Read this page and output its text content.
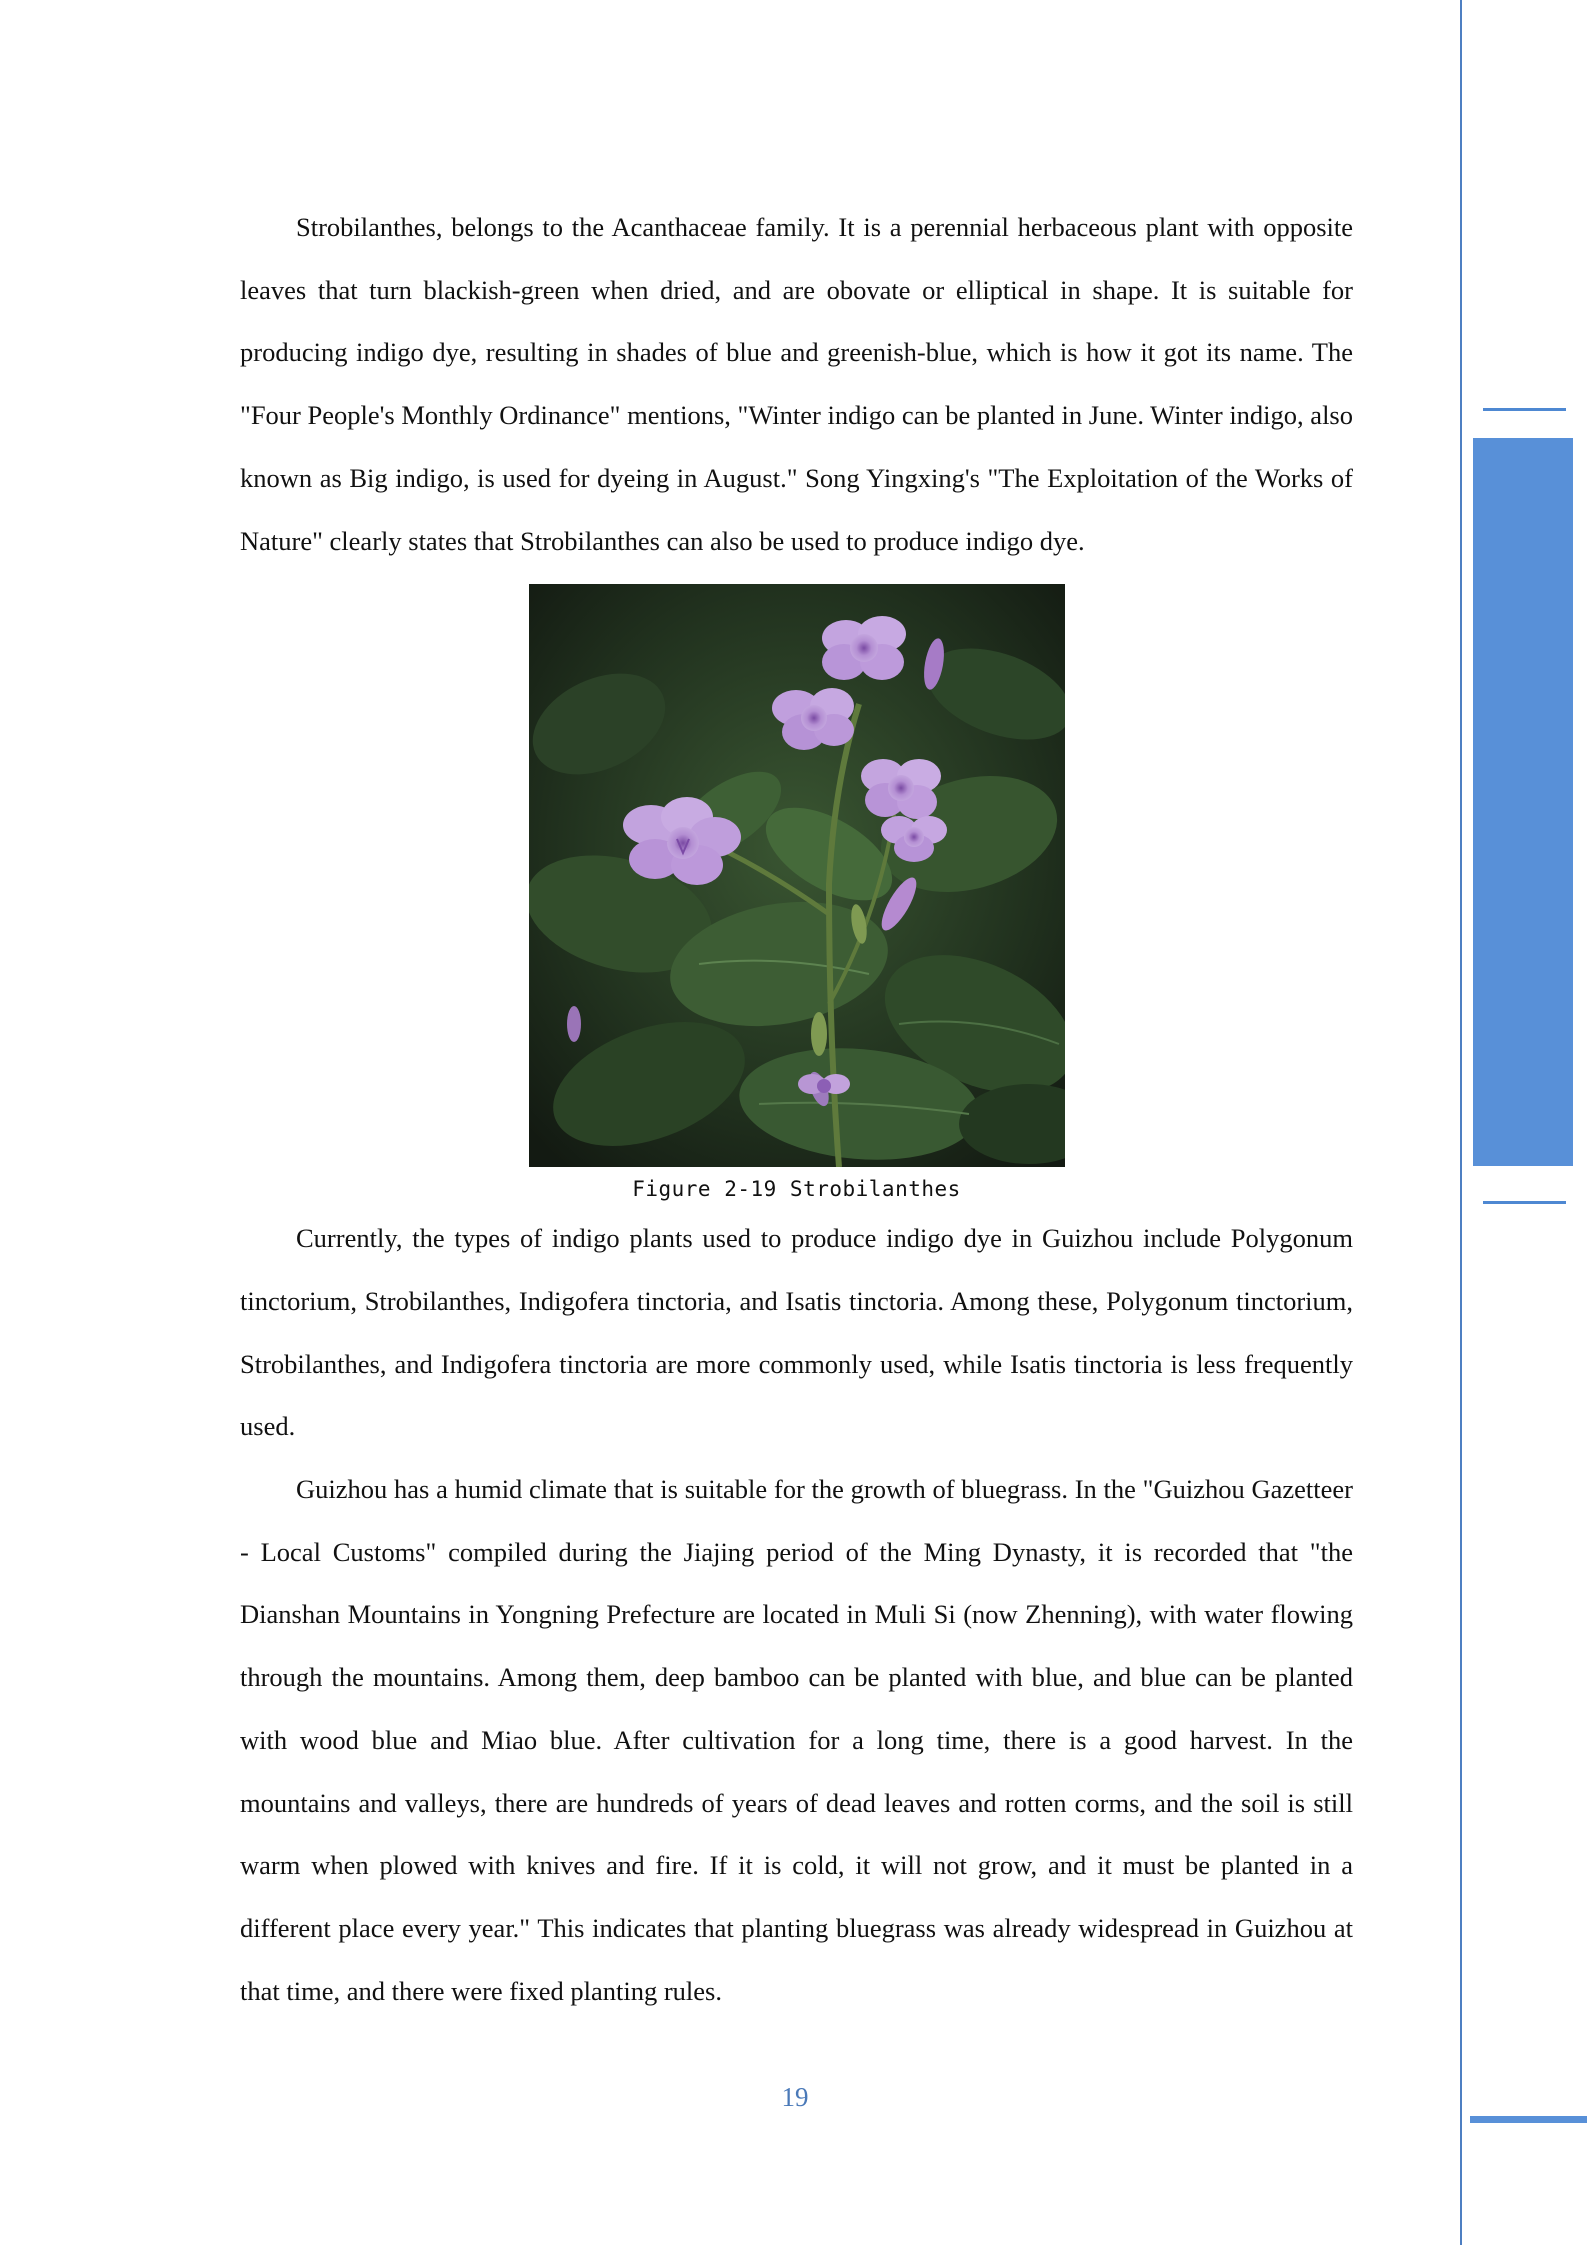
Strobilanthes, belongs to the Acanthaceae family. It is a perennial herbaceous plant with opposite leaves that turn blackish-green when dried, and are obovate or elliptical in shape. It is suitable for producing indigo dye, resulting in shades of blue and greenish-blue, which is how it got its name. The "Four People's Monthly Ordinance" mentions, "Winter indigo can be planted in June. Winter indigo, also known as Big indigo, is used for dyeing in August." Song Yingxing's "The Exploitation of the Works of Nature" clearly states that Strobilanthes can also be used to produce indigo dye.

Figure 2-19 Strobilanthes

Currently, the types of indigo plants used to produce indigo dye in Guizhou include Polygonum tinctorium, Strobilanthes, Indigofera tinctoria, and Isatis tinctoria. Among these, Polygonum tinctorium, Strobilanthes, and Indigofera tinctoria are more commonly used, while Isatis tinctoria is less frequently used.

Guizhou has a humid climate that is suitable for the growth of bluegrass. In the "Guizhou Gazetteer - Local Customs" compiled during the Jiajing period of the Ming Dynasty, it is recorded that "the Dianshan Mountains in Yongning Prefecture are located in Muli Si (now Zhenning), with water flowing through the mountains. Among them, deep bamboo can be planted with blue, and blue can be planted with wood blue and Miao blue. After cultivation for a long time, there is a good harvest. In the mountains and valleys, there are hundreds of years of dead leaves and rotten corms, and the soil is still warm when plowed with knives and fire. If it is cold, it will not grow, and it must be planted in a different place every year." This indicates that planting bluegrass was already widespread in Guizhou at that time, and there were fixed planting rules.

19
